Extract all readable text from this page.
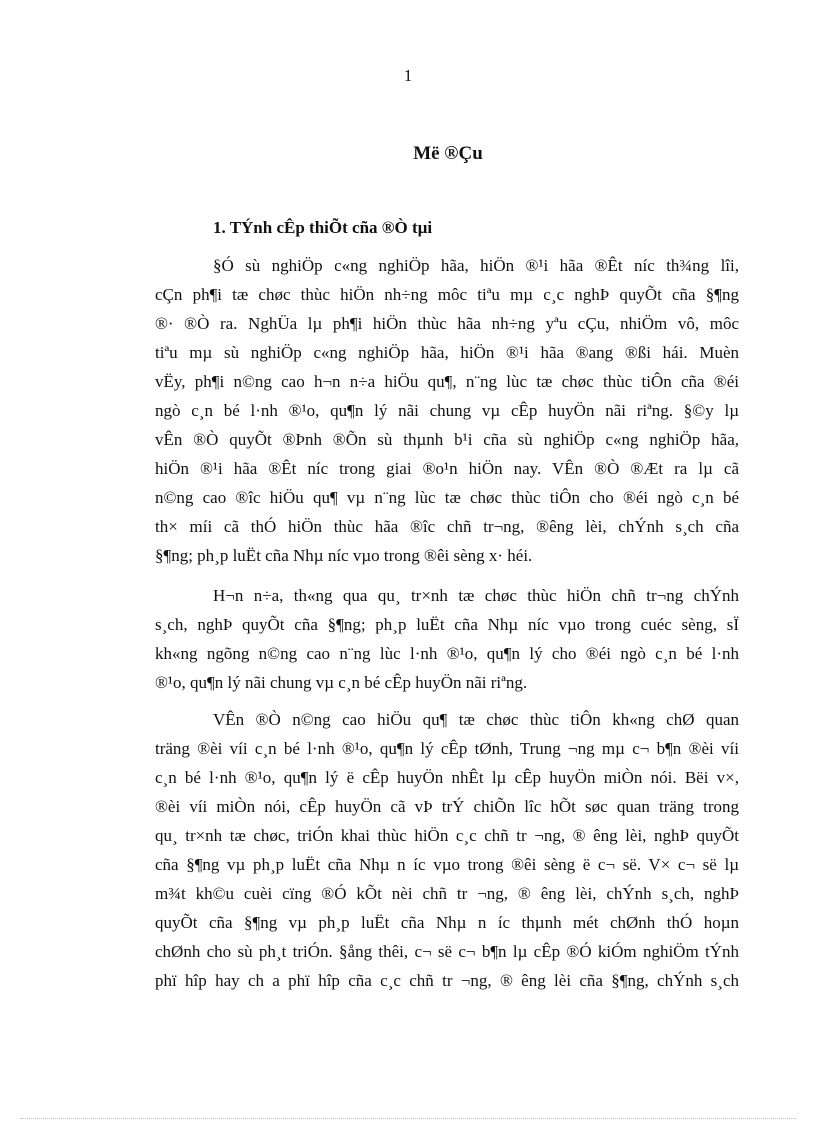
1
Më ®Çu
1. TÝnh cÊp thiÕt cña ®Ò tµi
§Ó sù nghiÖp c«ng nghiÖp hãa, hiÖn ®¹i hãa ®Êt níc th¾ng lîi,
cÇn ph¶i tæ chøc thùc hiÖn nh÷ng môc tiªu mµ c¸c nghÞ quyÕt cña §¶ng
®· ®Ò ra. NghÜa lµ ph¶i hiÖn thùc hãa nh÷ng yªu cÇu, nhiÖm vô, môc
tiªu mµ sù nghiÖp c«ng nghiÖp hãa, hiÖn ®¹i hãa ®ang ®ßi hái. Muèn
vËy, ph¶i n©ng cao h¬n n÷a hiÖu qu¶, n¨ng lùc tæ chøc thùc tiÔn cña ®éi
ngò c¸n bé l·nh ®¹o, qu¶n lý nãi chung vµ cÊp huyÖn nãi riªng. §©y lµ
vÊn ®Ò quyÕt ®Þnh ®Õn sù thµnh b¹i cña sù nghiÖp c«ng nghiÖp hãa,
hiÖn ®¹i hãa ®Êt níc trong giai ®o¹n hiÖn nay. VÊn ®Ò ®Æt ra lµ cã
n©ng cao ®îc hiÖu qu¶ vµ n¨ng lùc tæ chøc thùc tiÔn cho ®éi ngò c¸n bé
th× míi cã thÓ hiÖn thùc hãa ®îc chñ tr¬ng, ®êng lèi, chÝnh s¸ch cña
§¶ng; ph¸p luËt cña Nhµ níc vµo trong ®êi sèng x· héi.
H¬n n÷a, th«ng qua qu¸ tr×nh tæ chøc thùc hiÖn chñ tr¬ng chÝnh
s¸ch, nghÞ quyÕt cña §¶ng; ph¸p luËt cña Nhµ níc vµo trong cuéc sèng, sÏ
kh«ng ngõng n©ng cao n¨ng lùc l·nh ®¹o, qu¶n lý cho ®éi ngò c¸n bé l·nh
®¹o, qu¶n lý nãi chung vµ c¸n bé cÊp huyÖn nãi riªng.
VÊn ®Ò n©ng cao hiÖu qu¶ tæ chøc thùc tiÔn kh«ng chØ quan
träng ®èi víi c¸n bé l·nh ®¹o, qu¶n lý cÊp tØnh, Trung ¬ng mµ c¬ b¶n ®èi víi
c¸n bé l·nh ®¹o, qu¶n lý ë cÊp huyÖn nhÊt lµ cÊp huyÖn miÒn nói. Bëi v×,
®èi víi miÒn nói, cÊp huyÖn cã vÞ trÝ chiÕn lîc hÕt søc quan träng trong
qu¸ tr×nh tæ chøc, triÓn khai thùc hiÖn c¸c chñ tr ¬ng, ® êng lèi, nghÞ quyÕt
cña §¶ng vµ ph¸p luËt cña Nhµ n íc vµo trong ®êi sèng ë c¬ së. V× c¬ së lµ
m¾t kh©u cuèi cïng ®Ó kÕt nèi chñ tr ¬ng, ® êng lèi, chÝnh s¸ch, nghÞ
quyÕt cña §¶ng vµ ph¸p luËt cña Nhµ n íc thµnh mét chØnh thÓ hoµn
chØnh cho sù ph¸t triÓn. §ång thêi, c¬ së c¬ b¶n lµ cÊp ®Ó kiÓm nghiÖm tÝnh
phï hîp hay ch a phï hîp cña c¸c chñ tr ¬ng, ® êng lèi cña §¶ng, chÝnh s¸ch
